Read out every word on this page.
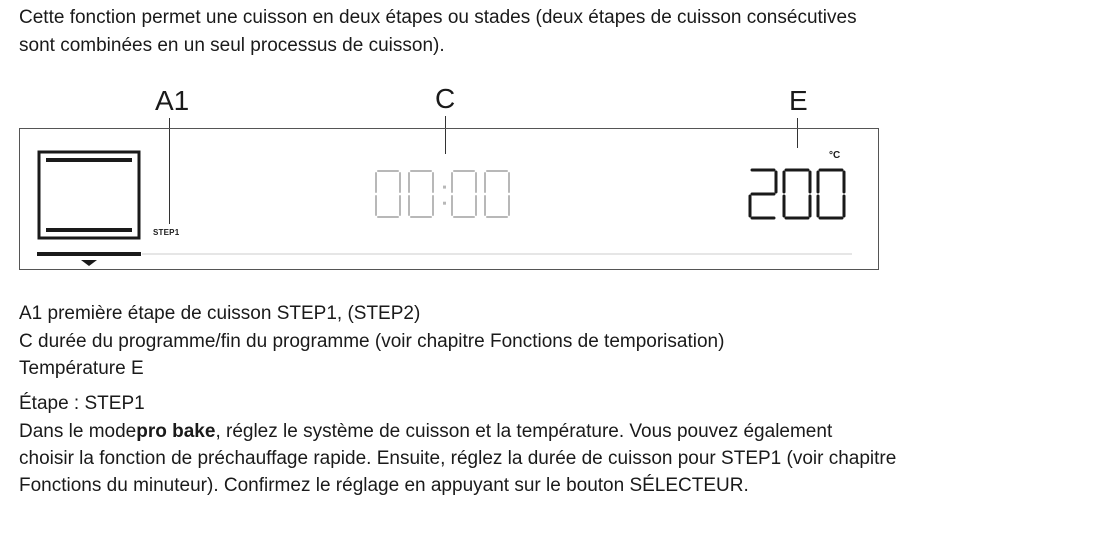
Cette fonction permet une cuisson en deux étapes ou stades (deux étapes de cuisson consécutives
sont combinées en un seul processus de cuisson).
A1	C	E
STEP1
°C
A1 première étape de cuisson STEP1, (STEP2)
C durée du programme/fin du programme (voir chapitre Fonctions de temporisation)
Température E
Étape : STEP1
Dans le modepro bake, réglez le système de cuisson et la température. Vous pouvez également
choisir la fonction de préchauffage rapide. Ensuite, réglez la durée de cuisson pour STEP1 (voir chapitre
Fonctions du minuteur). Confirmez le réglage en appuyant sur le bouton SÉLECTEUR.
